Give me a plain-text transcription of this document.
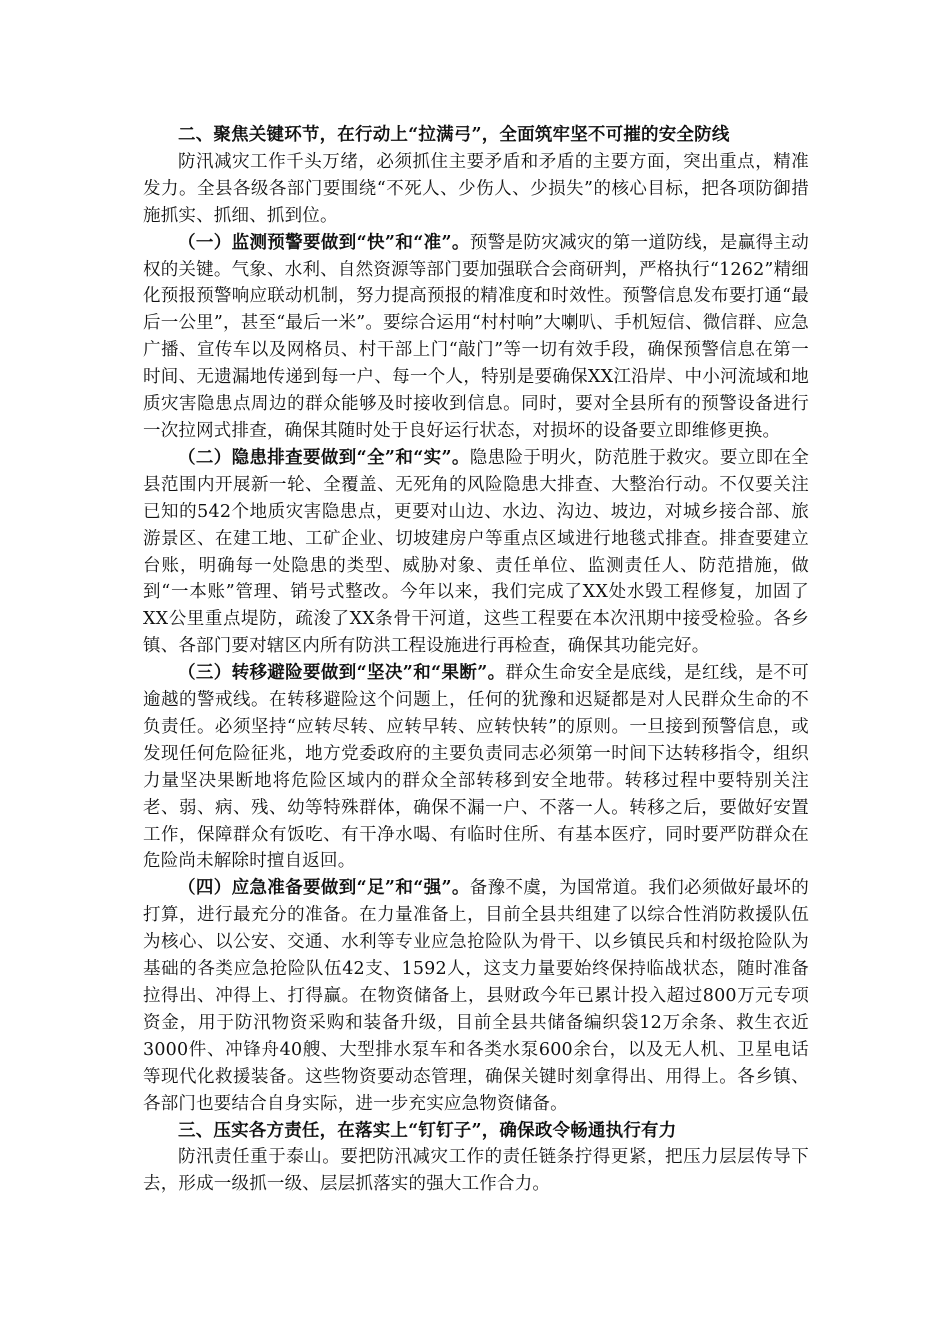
二、聚焦关键环节，在行动上“拉满弓”，全面筑牢坚不可摧的安全防线

防汛减灾工作千头万绪，必须抓住主要矛盾和矛盾的主要方面，突出重点，精准发力。全县各级各部门要围绕“不死人、少伤人、少损失”的核心目标，把各项防御措施抓实、抓细、抓到位。

（一）监测预警要做到“快”和“准”。预警是防灾减灾的第一道防线，是赢得主动权的关键。气象、水利、自然资源等部门要加强联合会商研判，严格执行“1262”精细化预报预警响应联动机制，努力提高预报的精准度和时效性。预警信息发布要打通“最后一公里”，甚至“最后一米”。要综合运用“村村响”大喇叭、手机短信、微信群、应急广播、宣传车以及网格员、村干部上门“敲门”等一切有效手段，确保预警信息在第一时间、无遗漏地传递到每一户、每一个人，特别是要确保XX江沿岸、中小河流域和地质灾害隐患点周边的群众能够及时接收到信息。同时，要对全县所有的预警设备进行一次拉网式排查，确保其随时处于良好运行状态，对损坏的设备要立即维修更换。

（二）隐患排查要做到“全”和“实”。隐患险于明火，防范胜于救灾。要立即在全县范围内开展新一轮、全覆盖、无死角的风险隐患大排查、大整治行动。不仅要关注已知的542个地质灾害隐患点，更要对山边、水边、沟边、坡边，对城乡接合部、旅游景区、在建工地、工矿企业、切坡建房户等重点区域进行地毯式排查。排查要建立台账，明确每一处隐患的类型、威胁对象、责任单位、监测责任人、防范措施，做到“一本账”管理、销号式整改。今年以来，我们完成了XX处水毁工程修复，加固了XX公里重点堤防，疏浚了XX条骨干河道，这些工程要在本次汛期中接受检验。各乡镇、各部门要对辖区内所有防洪工程设施进行再检查，确保其功能完好。

（三）转移避险要做到“坚决”和“果断”。群众生命安全是底线，是红线，是不可逾越的警戒线。在转移避险这个问题上，任何的犹豫和迟疑都是对人民群众生命的不负责任。必须坚持“应转尽转、应转早转、应转快转”的原则。一旦接到预警信息，或发现任何危险征兆，地方党委政府的主要负责同志必须第一时间下达转移指令，组织力量坚决果断地将危险区域内的群众全部转移到安全地带。转移过程中要特别关注老、弱、病、残、幼等特殊群体，确保不漏一户、不落一人。转移之后，要做好安置工作，保障群众有饭吃、有干净水喝、有临时住所、有基本医疗，同时要严防群众在危险尚未解除时擅自返回。

（四）应急准备要做到“足”和“强”。备豫不虞，为国常道。我们必须做好最坏的打算，进行最充分的准备。在力量准备上，目前全县共组建了以综合性消防救援队伍为核心、以公安、交通、水利等专业应急抢险队为骨干、以乡镇民兵和村级抢险队为基础的各类应急抢险队伍42支、1592人，这支力量要始终保持临战状态，随时准备拉得出、冲得上、打得赢。在物资储备上，县财政今年已累计投入超过800万元专项资金，用于防汛物资采购和装备升级，目前全县共储备编织袋12万余条、救生衣近3000件、冲锋舟40艘、大型排水泵车和各类水泵600余台，以及无人机、卫星电话等现代化救援装备。这些物资要动态管理，确保关键时刻拿得出、用得上。各乡镇、各部门也要结合自身实际，进一步充实应急物资储备。

三、压实各方责任，在落实上“钉钉子”，确保政令畅通执行有力

防汛责任重于泰山。要把防汛减灾工作的责任链条拧得更紧，把压力层层传导下去，形成一级抓一级、层层抓落实的强大工作合力。
